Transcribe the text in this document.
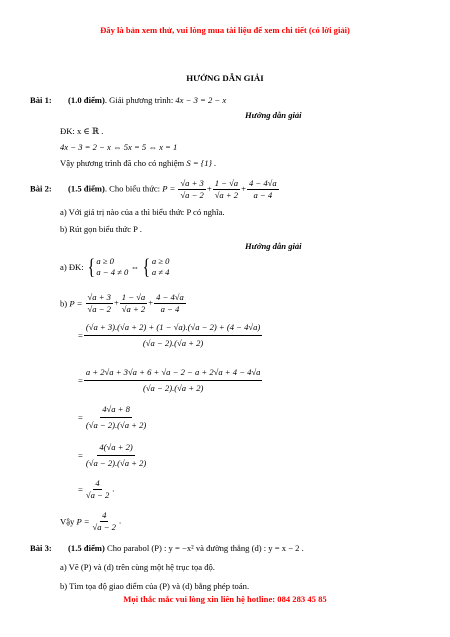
Đây là bản xem thử, vui lòng mua tài liệu để xem chi tiết (có lời giải)
HƯỚNG DẪN GIẢI
Bài 1: (1.0 điểm). Giải phương trình: 4x − 3 = 2 − x
Hướng dẫn giải
ĐK: x ∈ ℝ .
4x − 3 = 2 − x ⇔ 5x = 5 ⇔ x = 1
Vậy phương trình đã cho có nghiệm S = {1} .
Bài 2: (1.5 điểm). Cho biểu thức: $P = \frac{√a + 3}{√a - 2} + \frac{1 - √a}{√a + 2} + \frac{4 - 4√a}{a - 4}$
a) Với giá trị nào của a thì biểu thức P có nghĩa.
b) Rút gọn biểu thức P .
Hướng dẫn giải
a) ĐK: { a ≥ 0
a − 4 ≠ 0 ⇔ { a ≥ 0
a ≠ 4
b) $P = \frac{√a + 3}{√a - 2} + \frac{1 - √a}{√a + 2} + \frac{4 - 4√a}{a - 4}$
= $\frac{(√a + 3).(√a + 2) + (1 - √a).(√a - 2) + (4 - 4√a)}{(√a - 2).(√a + 2)}$
= $\frac{a + 2√a + 3√a + 6 + √a - 2 - a + 2√a + 4 - 4√a}{(√a - 2).(√a + 2)}$
= $\frac{4√a + 8}{(√a - 2).(√a + 2)}$
= $\frac{4(√a + 2)}{(√a - 2).(√a + 2)}$
= $\frac{4}{√a - 2}$ .
Vậy $P = \frac{4}{√a - 2}$ .
Bài 3: (1.5 điểm) Cho parabol (P) : y = −x² và đường thẳng (d) : y = x − 2 .
a) Vẽ (P) và (d) trên cùng một hệ trục tọa độ.
b) Tìm tọa độ giao điểm của (P) và (d) bằng phép toán.
Mọi thắc mắc vui lòng xin liên hệ hotline: 084 283 45 85
